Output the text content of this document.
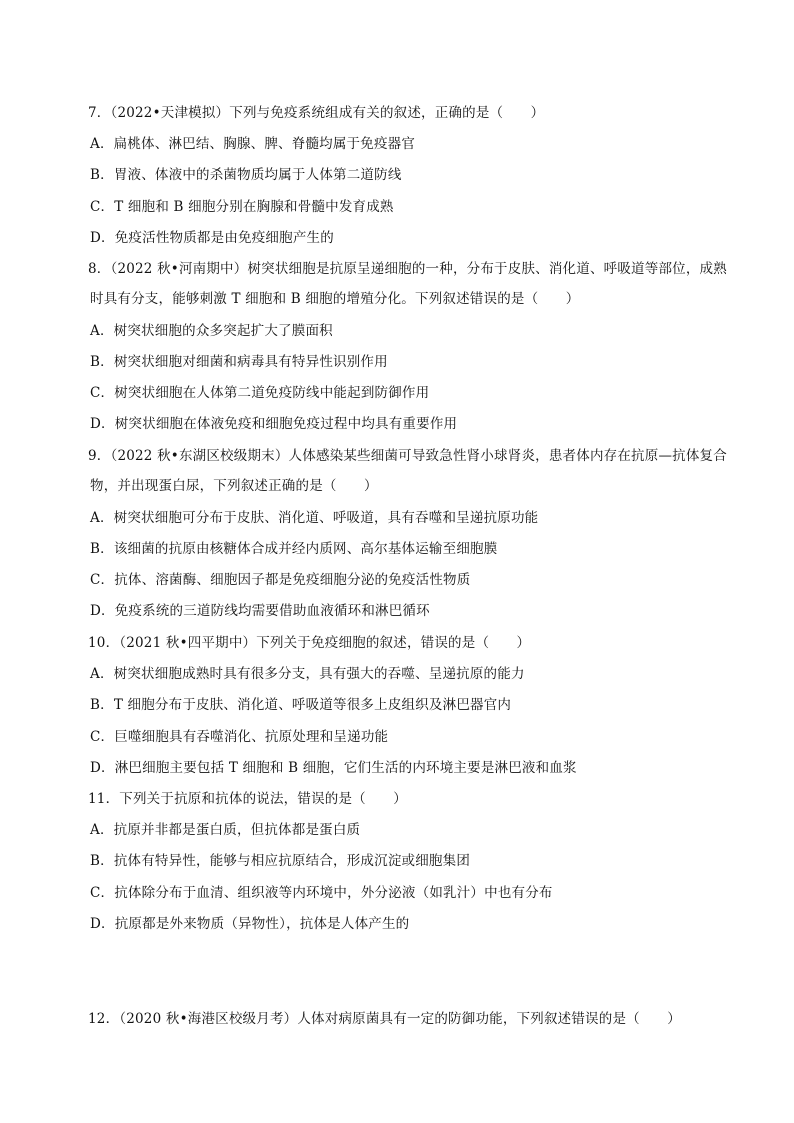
7．（2022•天津模拟）下列与免疫系统组成有关的叙述，正确的是（　　）
A．扁桃体、淋巴结、胸腺、脾、脊髓均属于免疫器官
B．胃液、体液中的杀菌物质均属于人体第二道防线
C．T 细胞和 B 细胞分别在胸腺和骨髓中发育成熟
D．免疫活性物质都是由免疫细胞产生的
8．（2022 秋•河南期中）树突状细胞是抗原呈递细胞的一种，分布于皮肤、消化道、呼吸道等部位，成熟
时具有分支，能够刺激 T 细胞和 B 细胞的增殖分化。下列叙述错误的是（　　）
A．树突状细胞的众多突起扩大了膜面积
B．树突状细胞对细菌和病毒具有特异性识别作用
C．树突状细胞在人体第二道免疫防线中能起到防御作用
D．树突状细胞在体液免疫和细胞免疫过程中均具有重要作用
9．（2022 秋•东湖区校级期末）人体感染某些细菌可导致急性肾小球肾炎，患者体内存在抗原—抗体复合
物，并出现蛋白尿，下列叙述正确的是（　　）
A．树突状细胞可分布于皮肤、消化道、呼吸道，具有吞噬和呈递抗原功能
B．该细菌的抗原由核糖体合成并经内质网、高尔基体运输至细胞膜
C．抗体、溶菌酶、细胞因子都是免疫细胞分泌的免疫活性物质
D．免疫系统的三道防线均需要借助血液循环和淋巴循环
10．（2021 秋•四平期中）下列关于免疫细胞的叙述，错误的是（　　）
A．树突状细胞成熟时具有很多分支，具有强大的吞噬、呈递抗原的能力
B．T 细胞分布于皮肤、消化道、呼吸道等很多上皮组织及淋巴器官内
C．巨噬细胞具有吞噬消化、抗原处理和呈递功能
D．淋巴细胞主要包括 T 细胞和 B 细胞，它们生活的内环境主要是淋巴液和血浆
11．下列关于抗原和抗体的说法，错误的是（　　）
A．抗原并非都是蛋白质，但抗体都是蛋白质
B．抗体有特异性，能够与相应抗原结合，形成沉淀或细胞集团
C．抗体除分布于血清、组织液等内环境中，外分泌液（如乳汁）中也有分布
D．抗原都是外来物质（异物性），抗体是人体产生的
12．（2020 秋•海港区校级月考）人体对病原菌具有一定的防御功能，下列叙述错误的是（　　）
